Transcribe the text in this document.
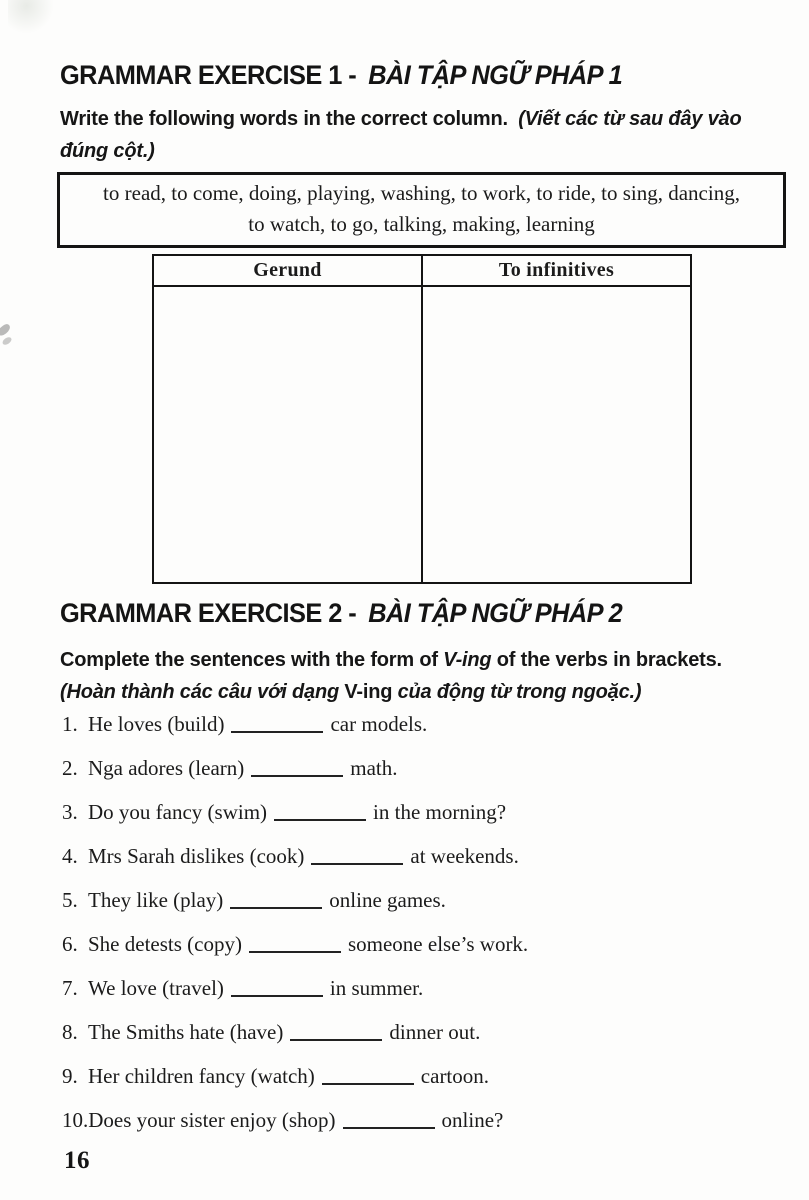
GRAMMAR EXERCISE 1 - BÀI TẬP NGỮ PHÁP 1
Write the following words in the correct column. (Viết các từ sau đây vào
đúng cột.)
to read, to come, doing, playing, washing, to work, to ride, to sing, dancing,
to watch, to go, talking, making, learning
Gerund	To infinitives
GRAMMAR EXERCISE 2 - BÀI TẬP NGỮ PHÁP 2
Complete the sentences with the form of V-ing of the verbs in brackets.
(Hoàn thành các câu với dạng V-ing của động từ trong ngoặc.)
1. He loves (build)	car models.
2. Nga adores (learn)	math.
3. Do you fancy (swim)	in the morning?
4. Mrs Sarah dislikes (cook)	at weekends.
5. They like (play)	online games.
6. She detests (copy)	someone else’s work.
7. We love (travel)	in summer.
8. The Smiths hate (have)	dinner out.
9. Her children fancy (watch)	cartoon.
10.Does your sister enjoy (shop)	online?
16
